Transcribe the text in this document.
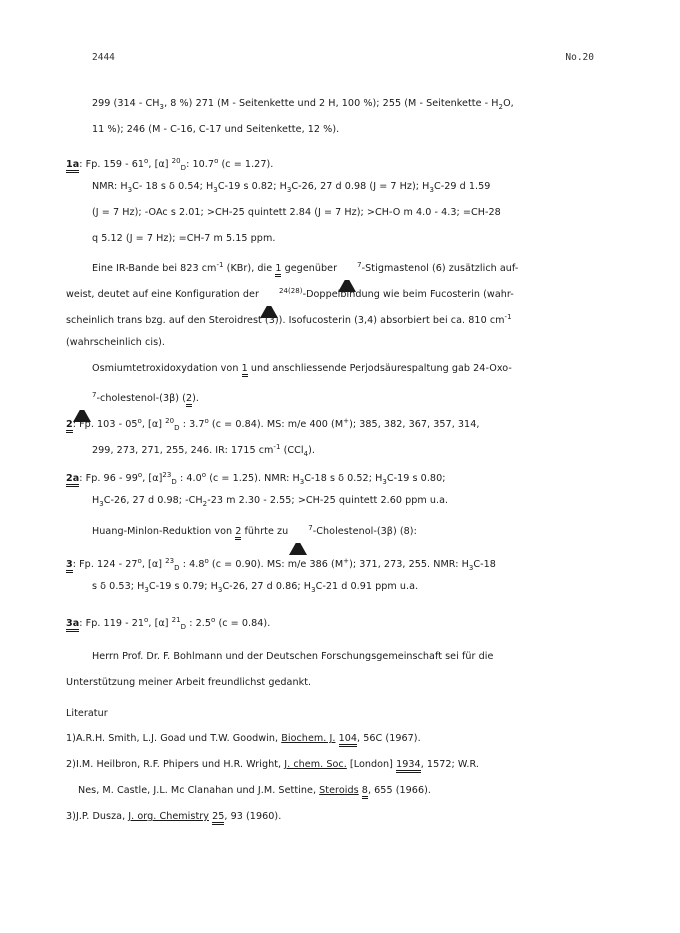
2444	No.20
299 ($314 - CH_3$, 8 %) 271 (M - Seitenkette und 2 H, 100 %); 255 (M - Seitenkette - $H_2O$,
11 %); 246 (M - C-16, C-17 und Seitenkette, 12 %).
1a: Fp. 159 - 61$^o$, [α] $^{20}_D$: 10.7$^o$ (c = 1.27).
NMR: $H_3C-$ 18 s δ 0.54; $H_3C-19$ s 0.82; $H_3C-26$, 27 d 0.98 (J = 7 Hz); $H_3C-29$ d 1.59
(J = 7 Hz); -OAc s 2.01; >CH-25 quintett 2.84 (J = 7 Hz); >CH-O m 4.0 - 4.3; =CH-28
q 5.12 (J = 7 Hz); =CH-7 m 5.15 ppm.
Eine IR-Bande bei 823 $cm^{-1}$ (KBr), die 1 gegenüber	$^7$-Stigmastenol (6) zusätzlich auf-
weist, deutet auf eine Konfiguration der	$^{24(28)}$-Doppelbindung wie beim Fucosterin (wahr-
scheinlich trans bzg. auf den Steroidrest (3)). Isofucosterin (3,4) absorbiert bei ca. 810 $cm^{-1}$
(wahrscheinlich cis).
Osmiumtetroxidoxydation von 1 und anschliessende Perjodsäurespaltung gab 24-Oxo-
$^7$-cholestenol-(3β) (2).
2: Fp. 103 - 05$^o$, [α] $^{20}_D$ : 3.7$^o$ (c = 0.84). MS: m/e 400 (M+); 385, 382, 367, 357, 314,
299, 273, 271, 255, 246. IR: 1715 $cm^{-1}$ (CCl$_4$).
2a: Fp. 96 - 99$^o$, $[\alpha]^{23}_D$ : 4.0$^o$ (c = 1.25). NMR: $H_3C-18$ s δ 0.52; $H_3C-19$ s 0.80;
$H_3C-26$, 27 d 0.98; $-CH_2-23$ m 2.30 - 2.55; >CH-25 quintett 2.60 ppm u.a.
Huang-Minlon-Reduktion von 2 führte zu	$^7$-Cholestenol-(3β) (8):
3: Fp. 124 - 27$^o$, [α] $^{23}_D$ : 4.8$^o$ (c = 0.90). MS: m/e 386 (M+); 371, 273, 255. NMR: $H_3C-18$
s δ 0.53; $H_3C-19$ s 0.79; $H_3C-26$, 27 d 0.86; $H_3C-21$ d 0.91 ppm u.a.
3a: Fp. 119 - 21$^o$, [α] $^{21}_D$ : 2.5$^o$ (c = 0.84).
Herrn Prof. Dr. F. Bohlmann und der Deutschen Forschungsgemeinschaft sei für die
Unterstützung meiner Arbeit freundlichst gedankt.
Literatur
1)A.R.H. Smith, L.J. Goad und T.W. Goodwin, Biochem. J. 104, 56C (1967).
2)I.M. Heilbron, R.F. Phipers und H.R. Wright, J. chem. Soc. [London] 1934, 1572; W.R.
Nes, M. Castle, J.L. Mc Clanahan und J.M. Settine, Steroids 8, 655 (1966).
3)J.P. Dusza, J. org. Chemistry 25, 93 (1960).
